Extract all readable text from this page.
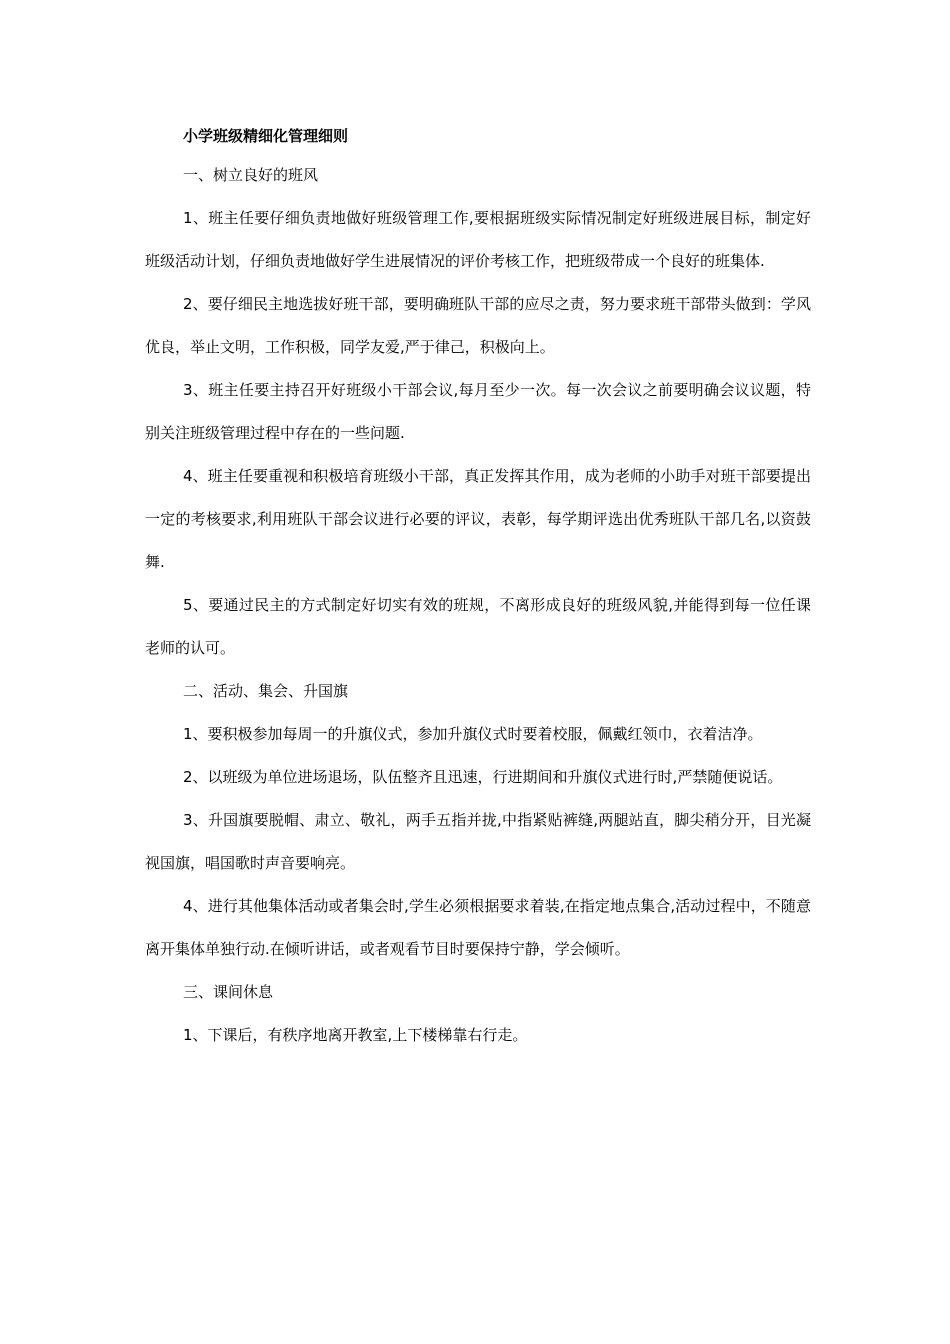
小学班级精细化管理细则

一、树立良好的班风

1、班主任要仔细负责地做好班级管理工作,要根据班级实际情况制定好班级进展目标，制定好班级活动计划，仔细负责地做好学生进展情况的评价考核工作，把班级带成一个良好的班集体.

2、要仔细民主地选拔好班干部，要明确班队干部的应尽之责，努力要求班干部带头做到：学风优良，举止文明，工作积极，同学友爱,严于律己，积极向上。

3、班主任要主持召开好班级小干部会议,每月至少一次。每一次会议之前要明确会议议题，特别关注班级管理过程中存在的一些问题.

4、班主任要重视和积极培育班级小干部，真正发挥其作用，成为老师的小助手对班干部要提出一定的考核要求,利用班队干部会议进行必要的评议，表彰，每学期评选出优秀班队干部几名,以资鼓舞.

5、要通过民主的方式制定好切实有效的班规，不离形成良好的班级风貌,并能得到每一位任课老师的认可。

二、活动、集会、升国旗

1、要积极参加每周一的升旗仪式，参加升旗仪式时要着校服，佩戴红领巾，衣着洁净。

2、以班级为单位进场退场，队伍整齐且迅速，行进期间和升旗仪式进行时,严禁随便说话。

3、升国旗要脱帽、肃立、敬礼，两手五指并拢,中指紧贴裤缝,两腿站直，脚尖稍分开，目光凝视国旗，唱国歌时声音要响亮。

4、进行其他集体活动或者集会时,学生必须根据要求着装,在指定地点集合,活动过程中，不随意离开集体单独行动.在倾听讲话，或者观看节目时要保持宁静，学会倾听。

三、课间休息

1、下课后，有秩序地离开教室,上下楼梯靠右行走。
